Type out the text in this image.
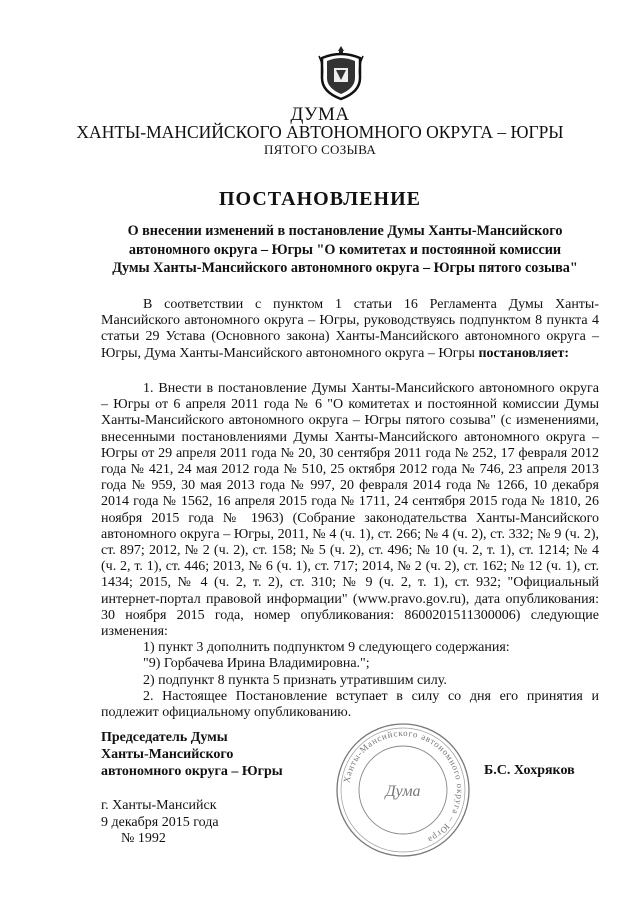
ДУМА
ХАНТЫ-МАНСИЙСКОГО АВТОНОМНОГО ОКРУГА – ЮГРЫ
ПЯТОГО СОЗЫВА
ПОСТАНОВЛЕНИЕ
О внесении изменений в постановление Думы Ханты-Мансийского
автономного округа – Югры "О комитетах и постоянной комиссии
Думы Ханты-Мансийского автономного округа – Югры пятого созыва"

В соответствии с пунктом 1 статьи 16 Регламента Думы Ханты-Мансийского автономного округа – Югры, руководствуясь подпунктом 8 пункта 4 статьи 29 Устава (Основного закона) Ханты-Мансийского автономного округа – Югры, Дума Ханты-Мансийского автономного округа – Югры постановляет:

1. Внести в постановление Думы Ханты-Мансийского автономного округа – Югры от 6 апреля 2011 года № 6 "О комитетах и постоянной комиссии Думы Ханты-Мансийского автономного округа – Югры пятого созыва" (с изменениями, внесенными постановлениями Думы Ханты-Мансийского автономного округа – Югры от 29 апреля 2011 года № 20, 30 сентября 2011 года № 252, 17 февраля 2012 года № 421, 24 мая 2012 года № 510, 25 октября 2012 года № 746, 23 апреля 2013 года № 959, 30 мая 2013 года № 997, 20 февраля 2014 года № 1266, 10 декабря 2014 года № 1562, 16 апреля 2015 года № 1711, 24 сентября 2015 года № 1810, 26 ноября 2015 года № 1963) (Собрание законодательства Ханты-Мансийского автономного округа – Югры, 2011, № 4 (ч. 1), ст. 266; № 4 (ч. 2), ст. 332; № 9 (ч. 2), ст. 897; 2012, № 2 (ч. 2), ст. 158; № 5 (ч. 2), ст. 496; № 10 (ч. 2, т. 1), ст. 1214; № 4 (ч. 2, т. 1), ст. 446; 2013, № 6 (ч. 1), ст. 717; 2014, № 2 (ч. 2), ст. 162; № 12 (ч. 1), ст. 1434; 2015, № 4 (ч. 2, т. 2), ст. 310; № 9 (ч. 2, т. 1), ст. 932; "Официальный интернет-портал правовой информации" (www.pravo.gov.ru), дата опубликования: 30 ноября 2015 года, номер опубликования: 8600201511300006) следующие изменения:

1) пункт 3 дополнить подпунктом 9 следующего содержания:

"9) Горбачева Ирина Владимировна.";

2) подпункт 8 пункта 5 признать утратившим силу.

2. Настоящее Постановление вступает в силу со дня его принятия и подлежит официальному опубликованию.

Председатель Думы
Ханты-Мансийского
автономного округа – Югры	Б.С. Хохряков
Ханты-Мансийского автономного округа – Югра
Дума
г. Ханты-Мансийск
9 декабря 2015 года
№ 1992
